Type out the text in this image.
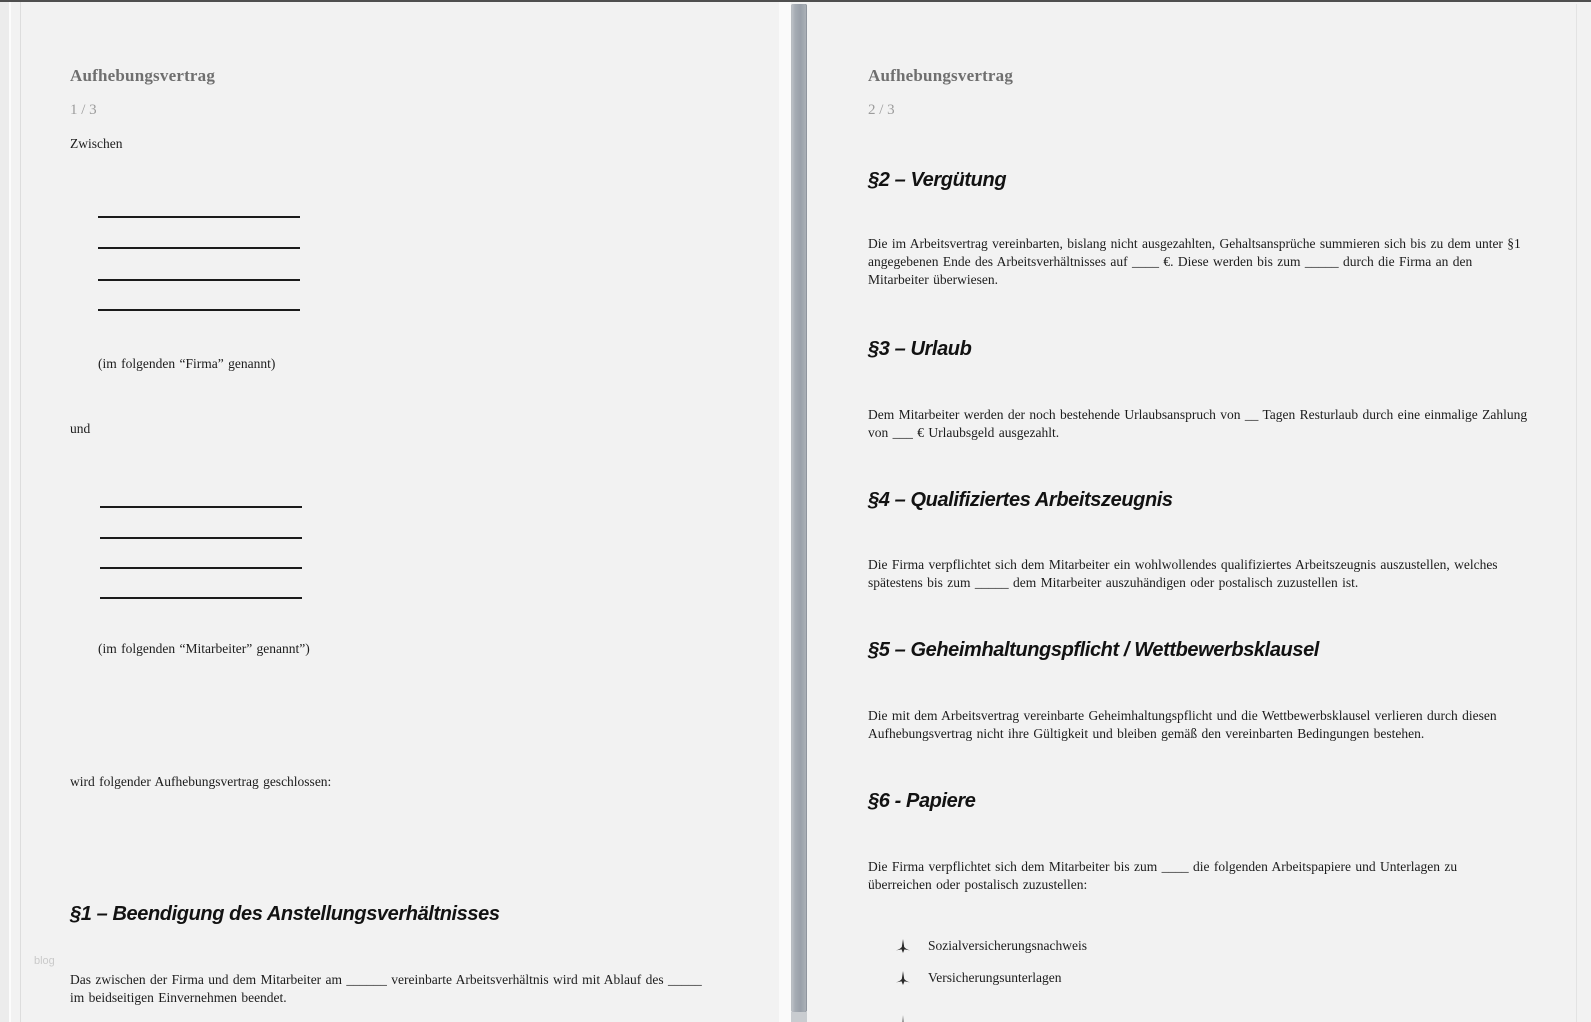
Aufhebungsvertrag
1 / 3
Zwischen
(im folgenden “Firma” genannt)
und
(im folgenden “Mitarbeiter” genannt”)
wird folgender Aufhebungsvertrag geschlossen:
§1 – Beendigung des Anstellungsverhältnisses
blog
Das zwischen der Firma und dem Mitarbeiter am ______ vereinbarte Arbeitsverhältnis wird mit Ablauf des _____ im beidseitigen Einvernehmen beendet.
Aufhebungsvertrag
2 / 3
§2 – Vergütung
Die im Arbeitsvertrag vereinbarten, bislang nicht ausgezahlten, Gehaltsansprüche summieren sich bis zu dem unter §1 angegebenen Ende des Arbeitsverhältnisses auf ____ €. Diese werden bis zum _____ durch die Firma an den Mitarbeiter überwiesen.
§3 – Urlaub
Dem Mitarbeiter werden der noch bestehende Urlaubsanspruch von __ Tagen Resturlaub durch eine einmalige Zahlung von ___ € Urlaubsgeld ausgezahlt.
§4 – Qualifiziertes Arbeitszeugnis
Die Firma verpflichtet sich dem Mitarbeiter ein wohlwollendes qualifiziertes Arbeitszeugnis auszustellen, welches spätestens bis zum _____ dem Mitarbeiter auszuhändigen oder postalisch zuzustellen ist.
§5 – Geheimhaltungspflicht / Wettbewerbsklausel
Die mit dem Arbeitsvertrag vereinbarte Geheimhaltungspflicht und die Wettbewerbsklausel verlieren durch diesen Aufhebungsvertrag nicht ihre Gültigkeit und bleiben gemäß den vereinbarten Bedingungen bestehen.
§6 - Papiere
Die Firma verpflichtet sich dem Mitarbeiter bis zum ____ die folgenden Arbeitspapiere und Unterlagen zu überreichen oder postalisch zuzustellen:
Sozialversicherungsnachweis
Versicherungsunterlagen
